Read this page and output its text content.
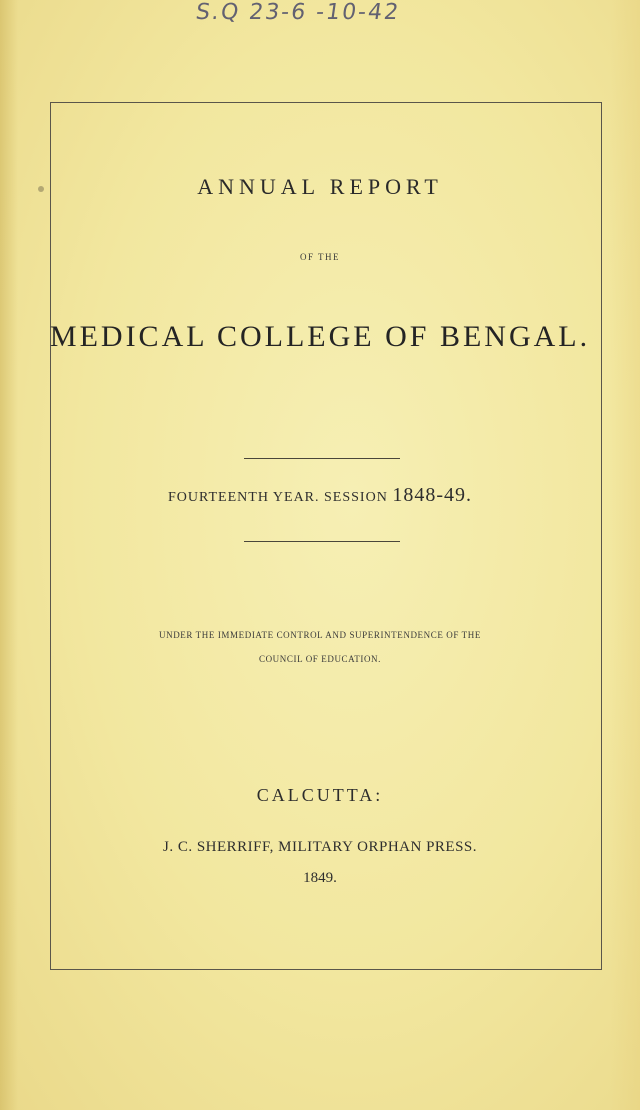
S.Q 23-6 -10-42
ANNUAL REPORT
OF THE
MEDICAL COLLEGE OF BENGAL.
FOURTEENTH YEAR. SESSION 1848-49.
UNDER THE IMMEDIATE CONTROL AND SUPERINTENDENCE OF THE
COUNCIL OF EDUCATION.
CALCUTTA:
J. C. SHERRIFF, MILITARY ORPHAN PRESS.
1849.
